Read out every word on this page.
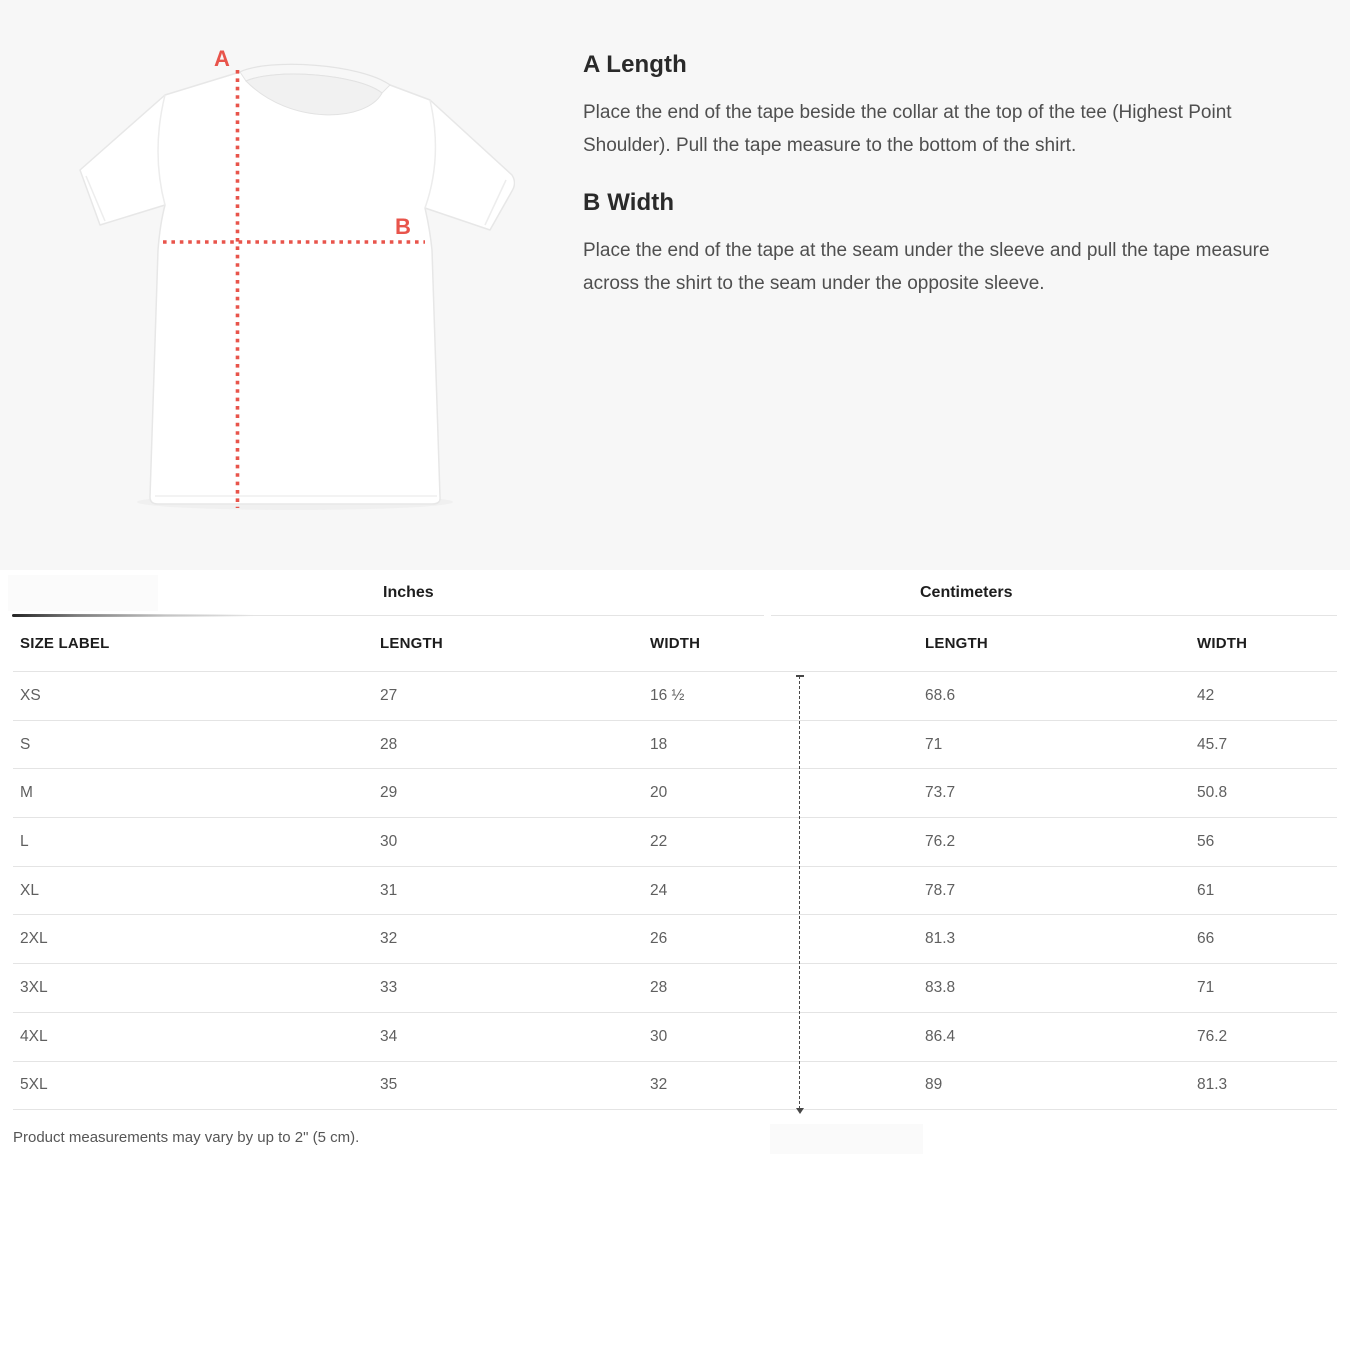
A
B
A Length

Place the end of the tape beside the collar at the top of the tee (Highest Point Shoulder). Pull the tape measure to the bottom of the shirt.

B Width

Place the end of the tape at the seam under the sleeve and pull the tape measure across the shirt to the seam under the opposite sleeve.

Inches	Centimeters
SIZE LABEL	LENGTH	WIDTH	LENGTH	WIDTH
XS	27	16 ½	68.6	42
S	28	18	71	45.7
M	29	20	73.7	50.8
L	30	22	76.2	56
XL	31	24	78.7	61
2XL	32	26	81.3	66
3XL	33	28	83.8	71
4XL	34	30	86.4	76.2
5XL	35	32	89	81.3

Product measurements may vary by up to 2" (5 cm).
